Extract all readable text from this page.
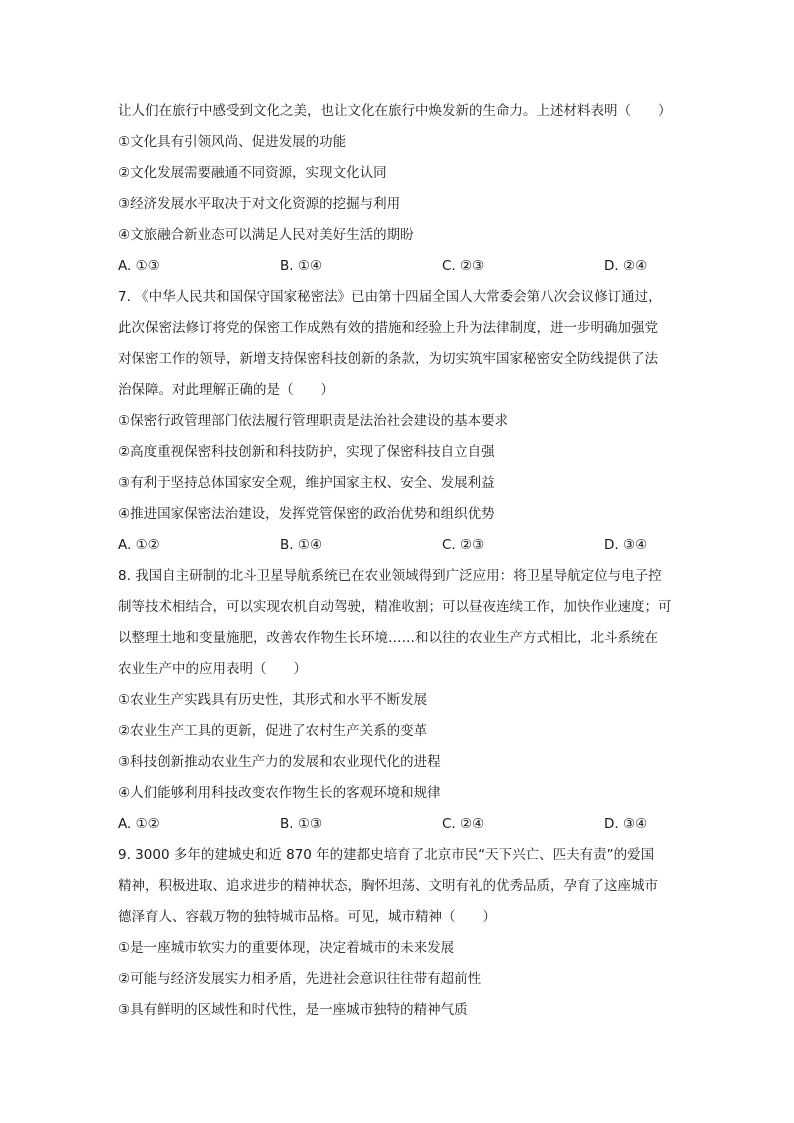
让人们在旅行中感受到文化之美，也让文化在旅行中焕发新的生命力。上述材料表明（　　）
①文化具有引领风尚、促进发展的功能
②文化发展需要融通不同资源，实现文化认同
③经济发展水平取决于对文化资源的挖掘与利用
④文旅融合新业态可以满足人民对美好生活的期盼
A. ①③	B. ①④	C. ②③	D. ②④
7. 《中华人民共和国保守国家秘密法》已由第十四届全国人大常委会第八次会议修订通过，
此次保密法修订将党的保密工作成熟有效的措施和经验上升为法律制度，进一步明确加强党
对保密工作的领导，新增支持保密科技创新的条款，为切实筑牢国家秘密安全防线提供了法
治保障。对此理解正确的是（　　）
①保密行政管理部门依法履行管理职责是法治社会建设的基本要求
②高度重视保密科技创新和科技防护，实现了保密科技自立自强
③有利于坚持总体国家安全观，维护国家主权、安全、发展利益
④推进国家保密法治建设，发挥党管保密的政治优势和组织优势
A. ①②	B. ①④	C. ②③	D. ③④
8. 我国自主研制的北斗卫星导航系统已在农业领域得到广泛应用：将卫星导航定位与电子控
制等技术相结合，可以实现农机自动驾驶，精准收割；可以昼夜连续工作，加快作业速度；可
以整理土地和变量施肥，改善农作物生长环境……和以往的农业生产方式相比，北斗系统在
农业生产中的应用表明（　　）
①农业生产实践具有历史性，其形式和水平不断发展
②农业生产工具的更新，促进了农村生产关系的变革
③科技创新推动农业生产力的发展和农业现代化的进程
④人们能够利用科技改变农作物生长的客观环境和规律
A. ①②	B. ①③	C. ②④	D. ③④
9. 3000 多年的建城史和近 870 年的建都史培育了北京市民“天下兴亡、匹夫有责”的爱国
精神，积极进取、追求进步的精神状态，胸怀坦荡、文明有礼的优秀品质，孕育了这座城市
德泽育人、容载万物的独特城市品格。可见，城市精神（　　）
①是一座城市软实力的重要体现，决定着城市的未来发展
②可能与经济发展实力相矛盾，先进社会意识往往带有超前性
③具有鲜明的区域性和时代性，是一座城市独特的精神气质
